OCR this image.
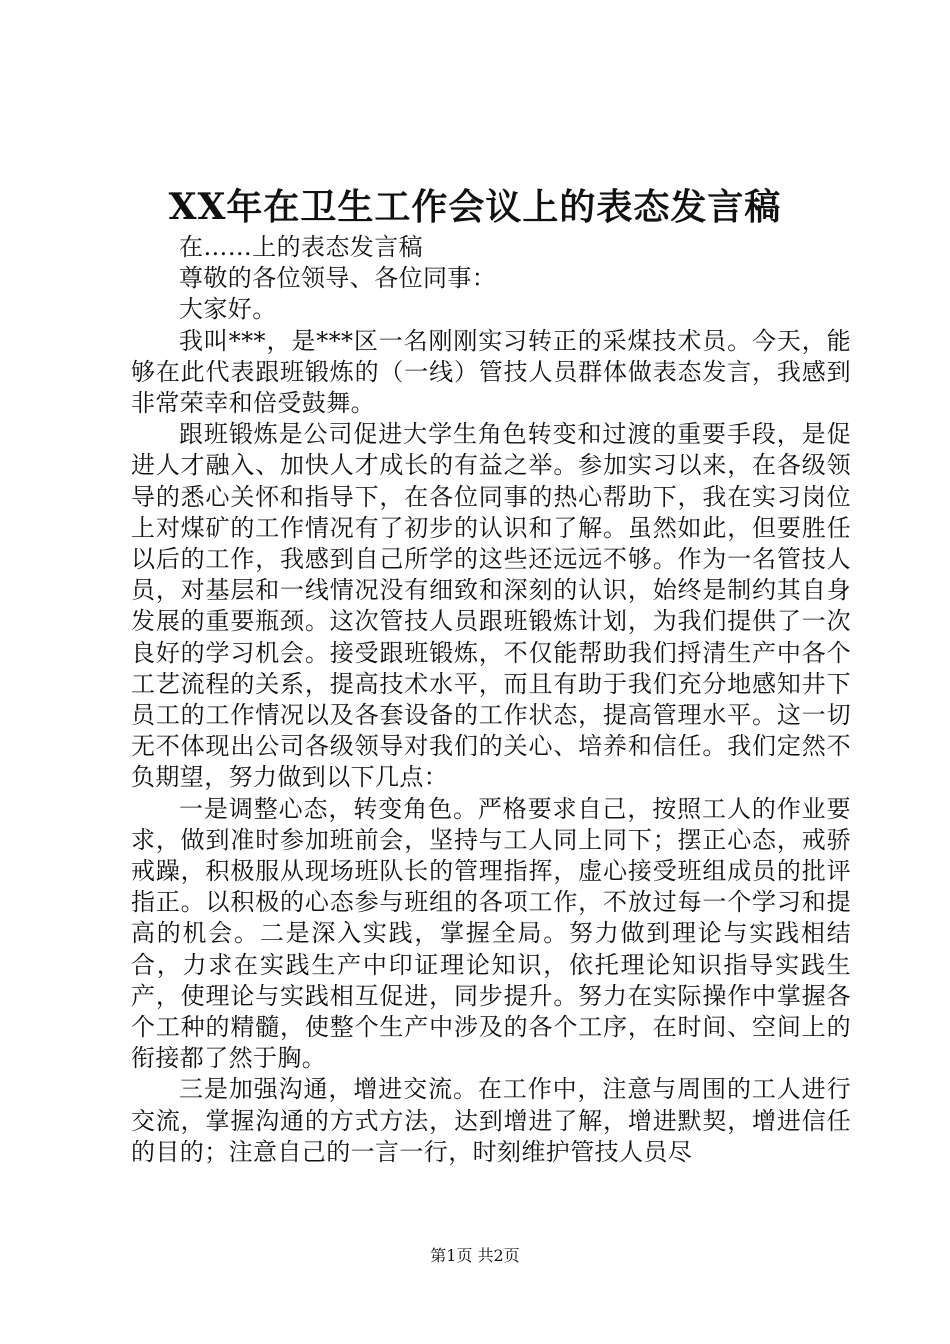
XX年在卫生工作会议上的表态发言稿

在……上的表态发言稿

尊敬的各位领导、各位同事：

大家好。

我叫***，是***区一名刚刚实习转正的采煤技术员。今天，能够在此代表跟班锻炼的（一线）管技人员群体做表态发言，我感到非常荣幸和倍受鼓舞。

跟班锻炼是公司促进大学生角色转变和过渡的重要手段，是促进人才融入、加快人才成长的有益之举。参加实习以来，在各级领导的悉心关怀和指导下，在各位同事的热心帮助下，我在实习岗位上对煤矿的工作情况有了初步的认识和了解。虽然如此，但要胜任以后的工作，我感到自己所学的这些还远远不够。作为一名管技人员，对基层和一线情况没有细致和深刻的认识，始终是制约其自身发展的重要瓶颈。这次管技人员跟班锻炼计划，为我们提供了一次良好的学习机会。接受跟班锻炼，不仅能帮助我们捋清生产中各个工艺流程的关系，提高技术水平，而且有助于我们充分地感知井下员工的工作情况以及各套设备的工作状态，提高管理水平。这一切无不体现出公司各级领导对我们的关心、培养和信任。我们定然不负期望，努力做到以下几点：

一是调整心态，转变角色。严格要求自己，按照工人的作业要求，做到准时参加班前会，坚持与工人同上同下；摆正心态，戒骄戒躁，积极服从现场班队长的管理指挥，虚心接受班组成员的批评指正。以积极的心态参与班组的各项工作，不放过每一个学习和提高的机会。二是深入实践，掌握全局。努力做到理论与实践相结合，力求在实践生产中印证理论知识，依托理论知识指导实践生产，使理论与实践相互促进，同步提升。努力在实际操作中掌握各个工种的精髓，使整个生产中涉及的各个工序，在时间、空间上的衔接都了然于胸。

三是加强沟通，增进交流。在工作中，注意与周围的工人进行交流，掌握沟通的方式方法，达到增进了解，增进默契，增进信任的目的；注意自己的一言一行，时刻维护管技人员尽

第1页 共2页
